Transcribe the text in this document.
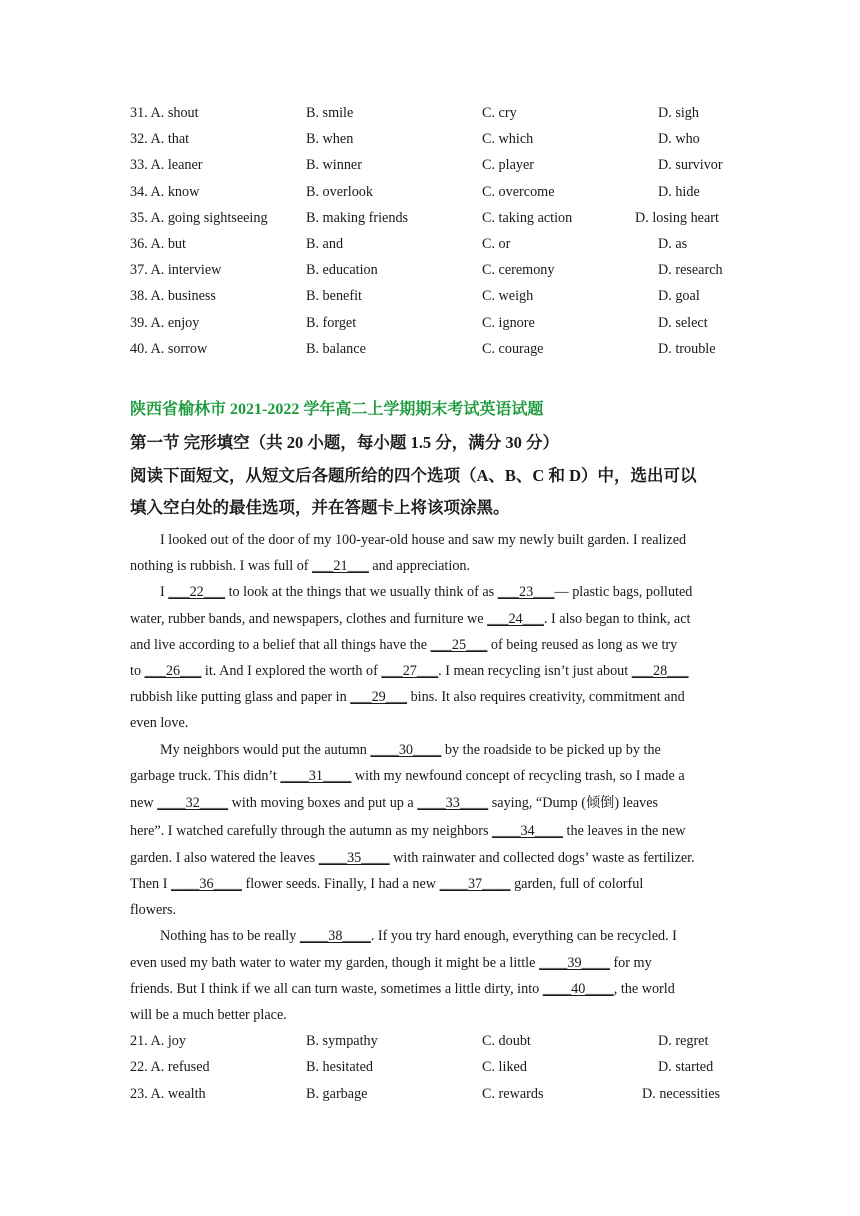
31. A. shout	B. smile	C. cry	D. sigh
32. A. that	B. when	C. which	D. who
33. A. leaner	B. winner	C. player	D. survivor
34. A. know	B. overlook	C. overcome	D. hide
35. A. going sightseeing	B. making friends	C. taking action	D. losing heart
36. A. but	B. and	C. or	D. as
37. A. interview	B. education	C. ceremony	D. research
38. A. business	B. benefit	C. weigh	D. goal
39. A. enjoy	B. forget	C. ignore	D. select
40. A. sorrow	B. balance	C. courage	D. trouble
陕西省榆林市 2021-2022 学年高二上学期期末考试英语试题
第一节 完形填空（共 20 小题，每小题 1.5 分，满分 30 分）
阅读下面短文，从短文后各题所给的四个选项（A、B、C 和 D）中，选出可以
填入空白处的最佳选项，并在答题卡上将该项涂黑。
I looked out of the door of my 100-year-old house and saw my newly built garden. I realized
nothing is rubbish. I was full of ___21___ and appreciation.
I ___22___ to look at the things that we usually think of as ___23___— plastic bags, polluted
water, rubber bands, and newspapers, clothes and furniture we ___24___. I also began to think, act
and live according to a belief that all things have the ___25___ of being reused as long as we try
to ___26___ it. And I explored the worth of ___27___. I mean recycling isn’t just about ___28___
rubbish like putting glass and paper in ___29___ bins. It also requires creativity, commitment and
even love.
My neighbors would put the autumn ____30____ by the roadside to be picked up by the
garbage truck. This didn’t ____31____ with my newfound concept of recycling trash, so I made a
new ____32____ with moving boxes and put up a ____33____ saying, “Dump (倾倒) leaves
here”. I watched carefully through the autumn as my neighbors ____34____ the leaves in the new
garden. I also watered the leaves ____35____ with rainwater and collected dogs’ waste as fertilizer.
Then I ____36____ flower seeds. Finally, I had a new ____37____ garden, full of colorful
flowers.
Nothing has to be really ____38____. If you try hard enough, everything can be recycled. I
even used my bath water to water my garden, though it might be a little ____39____ for my
friends. But I think if we all can turn waste, sometimes a little dirty, into ____40____, the world
will be a much better place.
21. A. joy	B. sympathy	C. doubt	D. regret
22. A. refused	B. hesitated	C. liked	D. started
23. A. wealth	B. garbage	C. rewards	D. necessities
